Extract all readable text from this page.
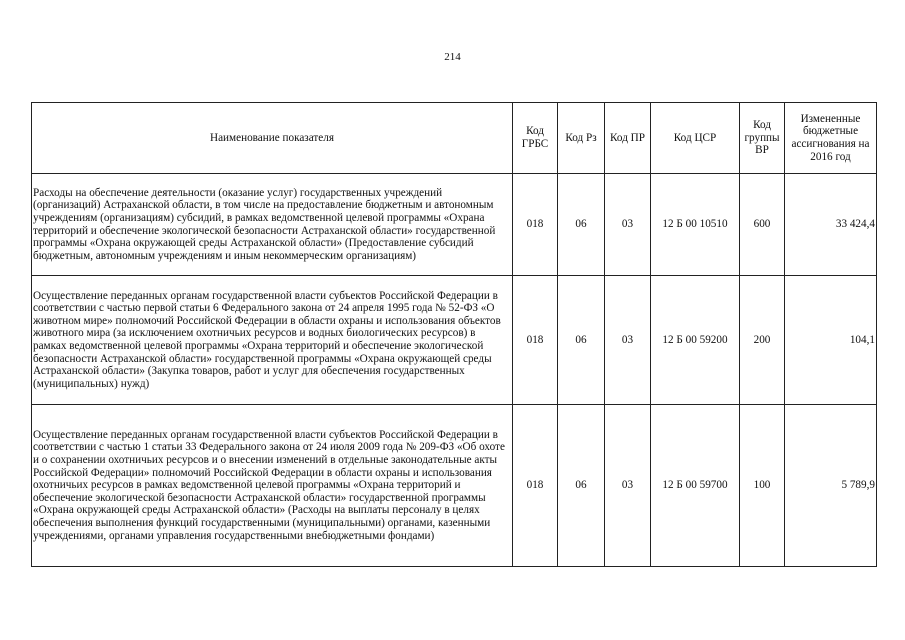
214
Наименование показателя	Код ГРБС	Код Рз	Код ПР	Код ЦСР	Код группы ВР	Измененные бюджетные ассигнования на 2016 год
Расходы на обеспечение деятельности (оказание услуг) государственных учреждений (организаций) Астраханской области, в том числе на предоставление бюджетным и автономным учреждениям (организациям) субсидий, в рамках ведомственной целевой программы «Охрана территорий и обеспечение экологической безопасности Астраханской области» государственной программы «Охрана окружающей среды Астраханской области» (Предоставление субсидий бюджетным, автономным учреждениям и иным некоммерческим организациям)	018	06	03	12 Б 00 10510	600	33 424,4
Осуществление переданных органам государственной власти субъектов Российской Федерации в соответствии с частью первой статьи 6 Федерального закона от 24 апреля 1995 года № 52-ФЗ «О животном мире» полномочий Российской Федерации в области охраны и использования объектов животного мира (за исключением охотничьих ресурсов и водных биологических ресурсов) в рамках ведомственной целевой программы «Охрана территорий и обеспечение экологической безопасности Астраханской области» государственной программы «Охрана окружающей среды Астраханской области» (Закупка товаров, работ и услуг для обеспечения государственных (муниципальных) нужд)	018	06	03	12 Б 00 59200	200	104,1
Осуществление переданных органам государственной власти субъектов Российской Федерации в соответствии с частью 1 статьи 33 Федерального закона от 24 июля 2009 года № 209-ФЗ «Об охоте и о сохранении охотничьих ресурсов и о внесении изменений в отдельные законодательные акты Российской Федерации» полномочий Российской Федерации в области охраны и использования охотничьих ресурсов в рамках ведомственной целевой программы «Охрана территорий и обеспечение экологической безопасности Астраханской области» государственной программы «Охрана окружающей среды Астраханской области» (Расходы на выплаты персоналу в целях обеспечения выполнения функций государственными (муниципальными) органами, казенными учреждениями, органами управления государственными внебюджетными фондами)	018	06	03	12 Б 00 59700	100	5 789,9
